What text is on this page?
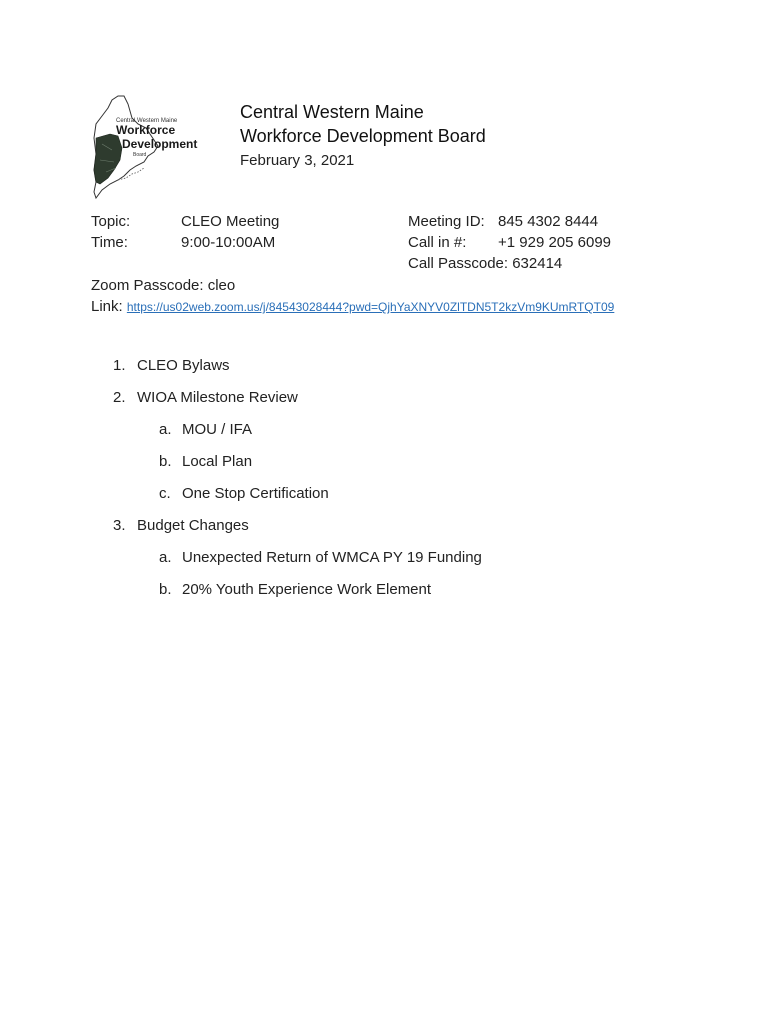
Central Western Maine
Workforce
Development
Board
Central Western Maine
Workforce Development Board
February 3, 2021
Topic:	CLEO Meeting
Time:	9:00-10:00AM
Meeting ID: 845 4302 8444
Call in #: +1 929 205 6099
Call Passcode: 632414
Zoom Passcode: cleo
Link: https://us02web.zoom.us/j/84543028444?pwd=QjhYaXNYV0ZlTDN5T2kzVm9KUmRTQT09
1. CLEO Bylaws
2. WIOA Milestone Review
a. MOU / IFA
b. Local Plan
c. One Stop Certification
3. Budget Changes
a. Unexpected Return of WMCA PY 19 Funding
b. 20% Youth Experience Work Element
